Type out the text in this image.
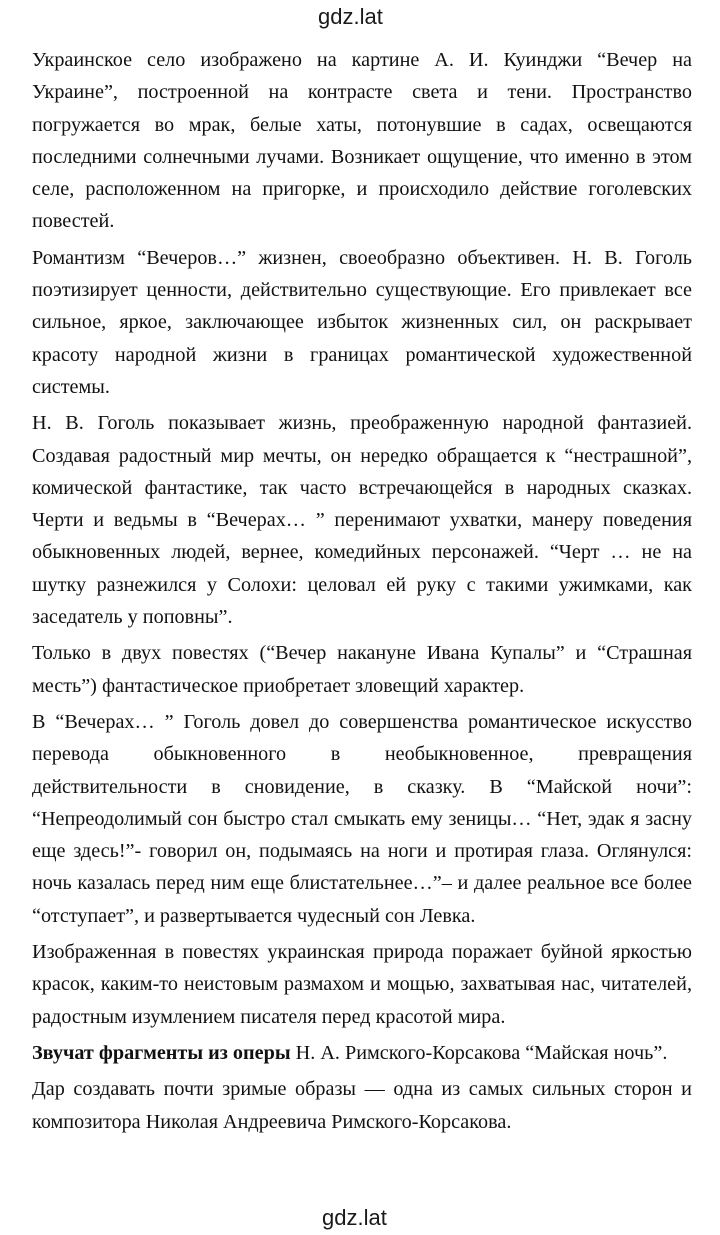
gdz.lat

Украинское село изображено на картине А. И. Куинджи “Вечер на Украине”, построенной на контрасте света и тени. Пространство погружается во мрак, белые хаты, потонувшие в садах, освещаются последними солнечными лучами. Возникает ощущение, что именно в этом селе, расположенном на пригорке, и происходило действие гоголевских повестей.

Романтизм “Вечеров…” жизнен, своеобразно объективен. Н. В. Гоголь поэтизирует ценности, действительно существующие. Его привлекает все сильное, яркое, заключающее избыток жизненных сил, он раскрывает красоту народной жизни в границах романтической художественной системы.

Н. В. Гоголь показывает жизнь, преображенную народной фантазией. Создавая радостный мир мечты, он нередко обращается к “нестрашной”, комической фантастике, так часто встречающейся в народных сказках. Черти и ведьмы в “Вечерах… ” перенимают ухватки, манеру поведения обыкновенных людей, вернее, комедийных персонажей. “Черт … не на шутку разнежился у Солохи: целовал ей руку с такими ужимками, как заседатель у поповны”.

Только в двух повестях (“Вечер накануне Ивана Купалы” и “Страшная месть”) фантастическое приобретает зловещий характер.

В “Вечерах… ” Гоголь довел до совершенства романтическое искусство перевода обыкновенного в необыкновенное, превращения действительности в сновидение, в сказку. В “Майской ночи”: “Непреодолимый сон быстро стал смыкать ему зеницы… “Нет, эдак я засну еще здесь!”- говорил он, подымаясь на ноги и протирая глаза. Оглянулся: ночь казалась перед ним еще блистательнее…”– и далее реальное все более “отступает”, и развертывается чудесный сон Левка.

Изображенная в повестях украинская природа поражает буйной яркостью красок, каким-то неистовым размахом и мощью, захватывая нас, читателей, радостным изумлением писателя перед красотой мира.

Звучат фрагменты из оперы Н. А. Римского-Корсакова “Майская ночь”.

Дар создавать почти зримые образы — одна из самых сильных сторон и композитора Николая Андреевича Римского-Корсакова.

gdz.lat
